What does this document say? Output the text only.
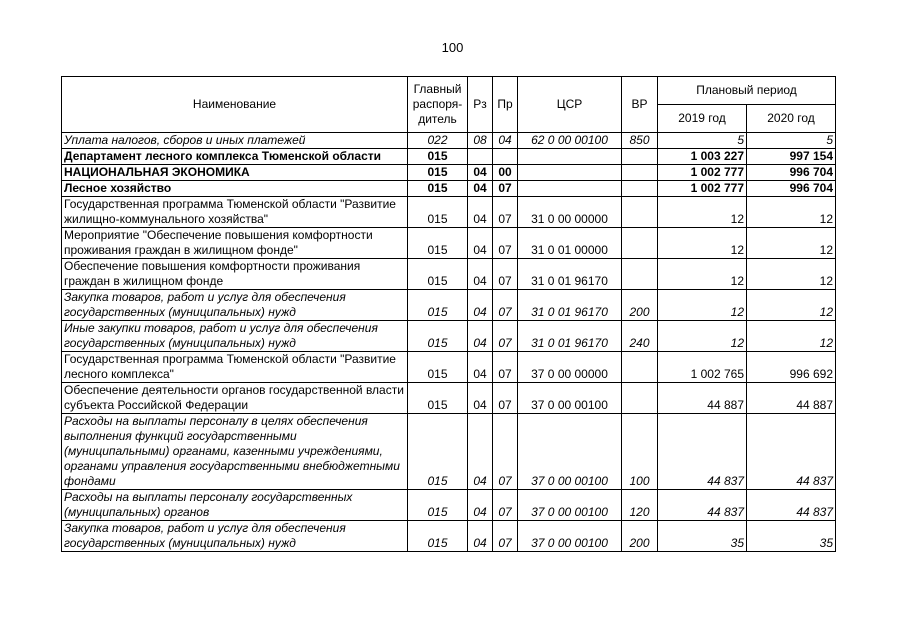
100
Наименование	Главный распоря-дитель	Рз	Пр	ЦСР	ВР	Плановый период	
						2019 год	2020 год
Уплата налогов, сборов и иных платежей	022	08	04	62 0 00 00100	850	5	5
Департамент лесного комплекса Тюменской области	015					1 003 227	997 154
НАЦИОНАЛЬНАЯ ЭКОНОМИКА	015	04	00			1 002 777	996 704
Лесное хозяйство	015	04	07			1 002 777	996 704
Государственная программа Тюменской области "Развитие жилищно-коммунального хозяйства"	015	04	07	31 0 00 00000		12	12
Мероприятие "Обеспечение повышения комфортности проживания граждан в жилищном фонде"	015	04	07	31 0 01 00000		12	12
Обеспечение повышения комфортности проживания граждан в жилищном фонде	015	04	07	31 0 01 96170		12	12
Закупка товаров, работ и услуг для обеспечения государственных (муниципальных) нужд	015	04	07	31 0 01 96170	200	12	12
Иные закупки товаров, работ и услуг для обеспечения государственных (муниципальных) нужд	015	04	07	31 0 01 96170	240	12	12
Государственная программа Тюменской области "Развитие лесного комплекса"	015	04	07	37 0 00 00000		1 002 765	996 692
Обеспечение деятельности органов государственной власти субъекта Российской Федерации	015	04	07	37 0 00 00100		44 887	44 887
Расходы на выплаты персоналу в целях обеспечения выполнения функций государственными (муниципальными) органами, казенными учреждениями, органами управления государственными внебюджетными фондами	015	04	07	37 0 00 00100	100	44 837	44 837
Расходы на выплаты персоналу государственных (муниципальных) органов	015	04	07	37 0 00 00100	120	44 837	44 837
Закупка товаров, работ и услуг для обеспечения государственных (муниципальных) нужд	015	04	07	37 0 00 00100	200	35	35
